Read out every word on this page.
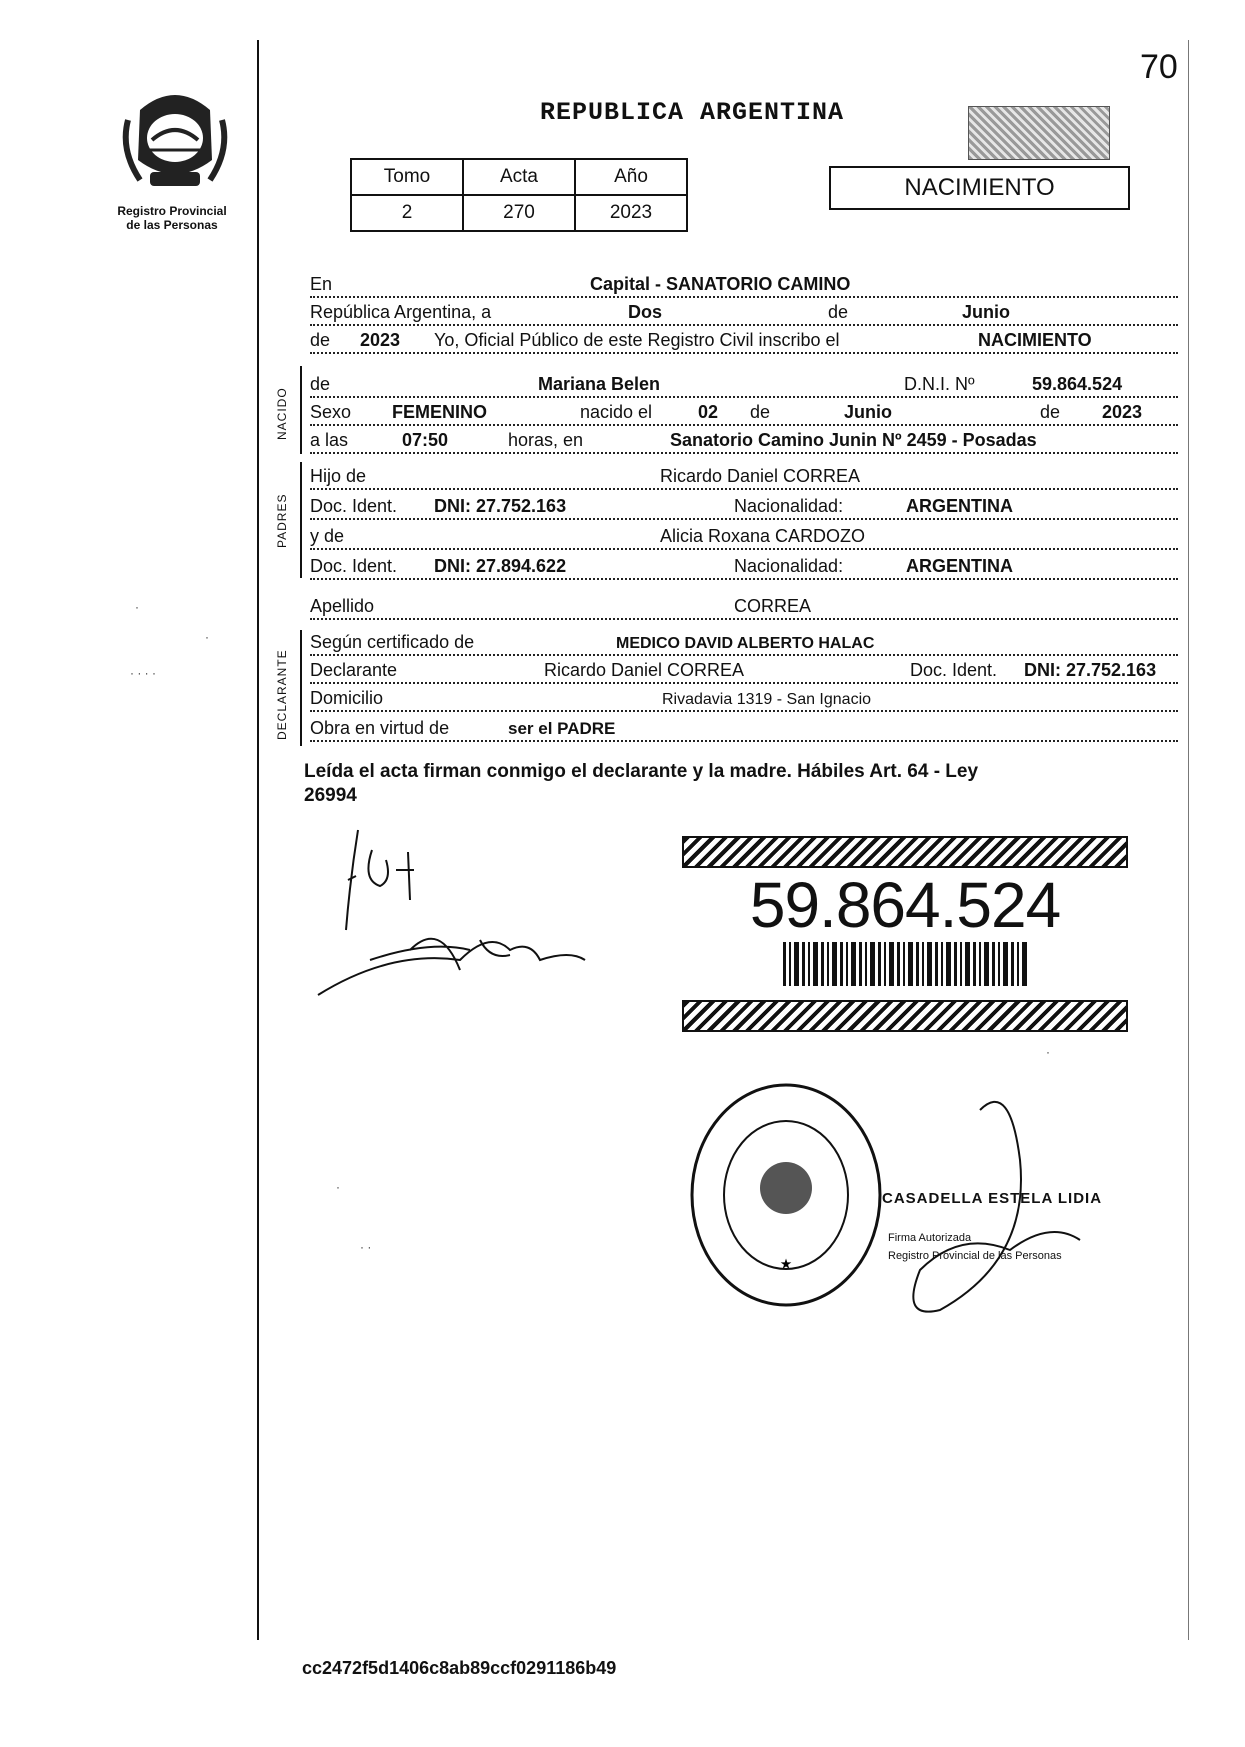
70
Registro Provincial
de las Personas
REPUBLICA ARGENTINA
Tomo	Acta	Año
2	270	2023
NACIMIENTO
En	Capital - SANATORIO CAMINO
República Argentina, a	Dos	de	Junio
de 2023 Yo, Oficial Público de este Registro Civil inscribo el	NACIMIENTO
NACIDO
de	Mariana Belen	D.N.I. Nº	59.864.524
Sexo FEMENINO	nacido el	02 de	Junio	de 2023
a las	07:50	horas, en	Sanatorio Camino Junin Nº 2459 - Posadas
PADRES
Hijo de	Ricardo Daniel CORREA
Doc. Ident. DNI: 27.752.163	Nacionalidad:	ARGENTINA
y de	Alicia Roxana CARDOZO
Doc. Ident. DNI: 27.894.622	Nacionalidad:	ARGENTINA
Apellido	CORREA
DECLARANTE
Según certificado de	MEDICO DAVID ALBERTO HALAC
Declarante	Ricardo Daniel CORREA	Doc. Ident. DNI: 27.752.163
Domicilio	Rivadavia 1319 - San Ignacio
Obra en virtud de	ser el PADRE
Leída el acta firman conmigo el declarante y la madre. Hábiles Art. 64 - Ley
26994
59.864.524
★
CASADELLA ESTELA LIDIA
Firma Autorizada
Registro Provincial de las Personas
·
·
· · · ·
·
·
· ·
cc2472f5d1406c8ab89ccf0291186b49
